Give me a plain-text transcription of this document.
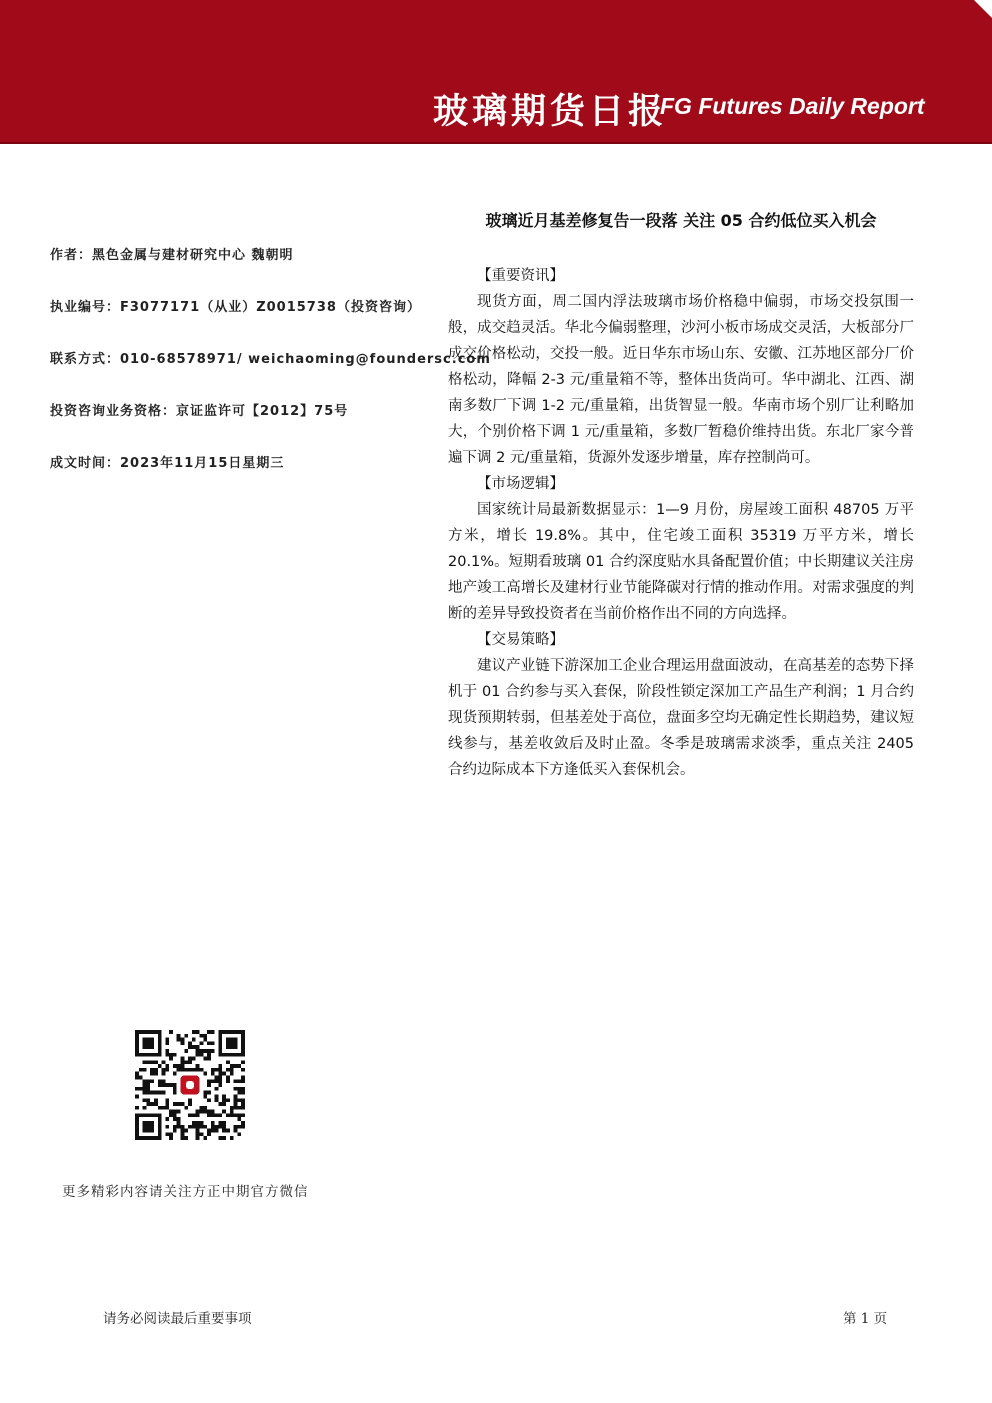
玻璃期货日报
FG Futures Daily Report
作者：黑色金属与建材研究中心 魏朝明
执业编号：F3077171（从业）Z0015738（投资咨询）
联系方式：010-68578971/ weichaoming@foundersc.com
投资咨询业务资格：京证监许可【2012】75号
成文时间：2023年11月15日星期三
玻璃近月基差修复告一段落 关注 05 合约低位买入机会
【重要资讯】

现货方面，周二国内浮法玻璃市场价格稳中偏弱，市场交投氛围一般，成交趋灵活。华北今偏弱整理，沙河小板市场成交灵活，大板部分厂成交价格松动，交投一般。近日华东市场山东、安徽、江苏地区部分厂价格松动，降幅 2-3 元/重量箱不等，整体出货尚可。华中湖北、江西、湖南多数厂下调 1-2 元/重量箱，出货智显一般。华南市场个别厂让利略加大，个别价格下调 1 元/重量箱，多数厂暂稳价维持出货。东北厂家今普遍下调 2 元/重量箱，货源外发逐步增量，库存控制尚可。

【市场逻辑】

国家统计局最新数据显示：1—9 月份，房屋竣工面积 48705 万平方米，增长 19.8%。其中，住宅竣工面积 35319 万平方米，增长 20.1%。短期看玻璃 01 合约深度贴水具备配置价值；中长期建议关注房地产竣工高增长及建材行业节能降碳对行情的推动作用。对需求强度的判断的差异导致投资者在当前价格作出不同的方向选择。

【交易策略】

建议产业链下游深加工企业合理运用盘面波动，在高基差的态势下择机于 01 合约参与买入套保，阶段性锁定深加工产品生产利润；1 月合约现货预期转弱，但基差处于高位，盘面多空均无确定性长期趋势，建议短线参与，基差收敛后及时止盈。冬季是玻璃需求淡季，重点关注 2405 合约边际成本下方逢低买入套保机会。

更多精彩内容请关注方正中期官方微信
请务必阅读最后重要事项	第 1 页
